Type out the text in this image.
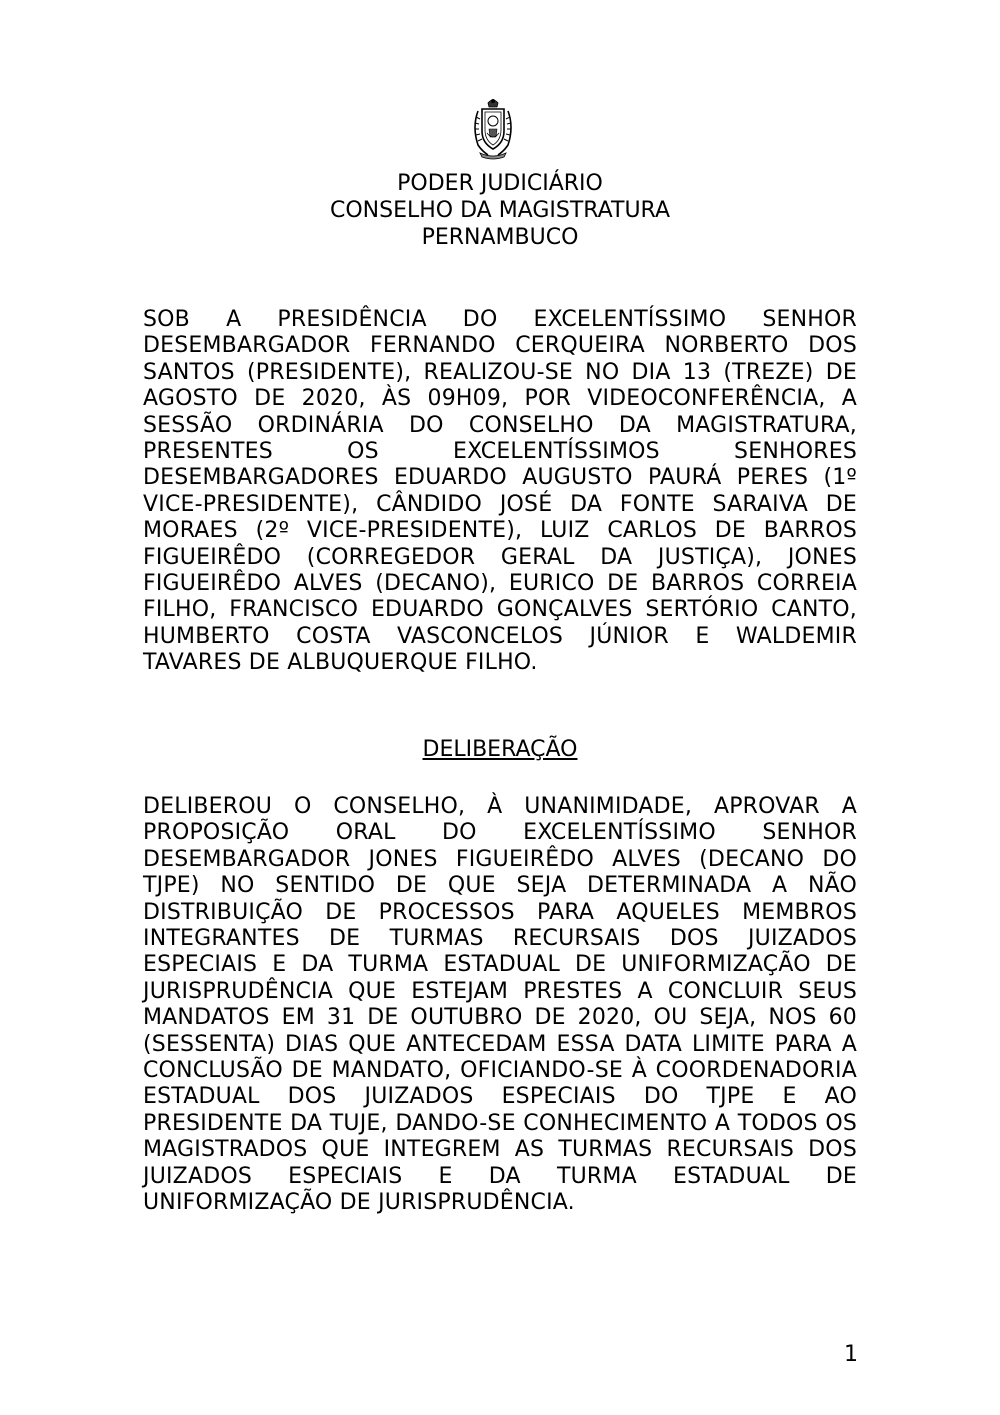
PODER JUDICIÁRIO
CONSELHO DA MAGISTRATURA
PERNAMBUCO
SOB A PRESIDÊNCIA DO EXCELENTÍSSIMO SENHOR DESEMBARGADOR FERNANDO CERQUEIRA NORBERTO DOS SANTOS (PRESIDENTE), REALIZOU-SE NO DIA 13 (TREZE) DE AGOSTO DE 2020, ÀS 09H09, POR VIDEOCONFERÊNCIA, A SESSÃO ORDINÁRIA DO CONSELHO DA MAGISTRATURA, PRESENTES OS EXCELENTÍSSIMOS SENHORES DESEMBARGADORES EDUARDO AUGUSTO PAURÁ PERES (1º VICE-PRESIDENTE), CÂNDIDO JOSÉ DA FONTE SARAIVA DE MORAES (2º VICE-PRESIDENTE), LUIZ CARLOS DE BARROS FIGUEIRÊDO (CORREGEDOR GERAL DA JUSTIÇA), JONES FIGUEIRÊDO ALVES (DECANO), EURICO DE BARROS CORREIA FILHO, FRANCISCO EDUARDO GONÇALVES SERTÓRIO CANTO, HUMBERTO COSTA VASCONCELOS JÚNIOR E WALDEMIR TAVARES DE ALBUQUERQUE FILHO.
DELIBERAÇÃO
DELIBEROU O CONSELHO, À UNANIMIDADE, APROVAR A PROPOSIÇÃO ORAL DO EXCELENTÍSSIMO SENHOR DESEMBARGADOR JONES FIGUEIRÊDO ALVES (DECANO DO TJPE) NO SENTIDO DE QUE SEJA DETERMINADA A NÃO DISTRIBUIÇÃO DE PROCESSOS PARA AQUELES MEMBROS INTEGRANTES DE TURMAS RECURSAIS DOS JUIZADOS ESPECIAIS E DA TURMA ESTADUAL DE UNIFORMIZAÇÃO DE JURISPRUDÊNCIA QUE ESTEJAM PRESTES A CONCLUIR SEUS MANDATOS EM 31 DE OUTUBRO DE 2020, OU SEJA, NOS 60 (SESSENTA) DIAS QUE ANTECEDAM ESSA DATA LIMITE PARA A CONCLUSÃO DE MANDATO, OFICIANDO-SE À COORDENADORIA ESTADUAL DOS JUIZADOS ESPECIAIS DO TJPE E AO PRESIDENTE DA TUJE, DANDO-SE CONHECIMENTO A TODOS OS MAGISTRADOS QUE INTEGREM AS TURMAS RECURSAIS DOS JUIZADOS ESPECIAIS E DA TURMA ESTADUAL DE UNIFORMIZAÇÃO DE JURISPRUDÊNCIA.
1
